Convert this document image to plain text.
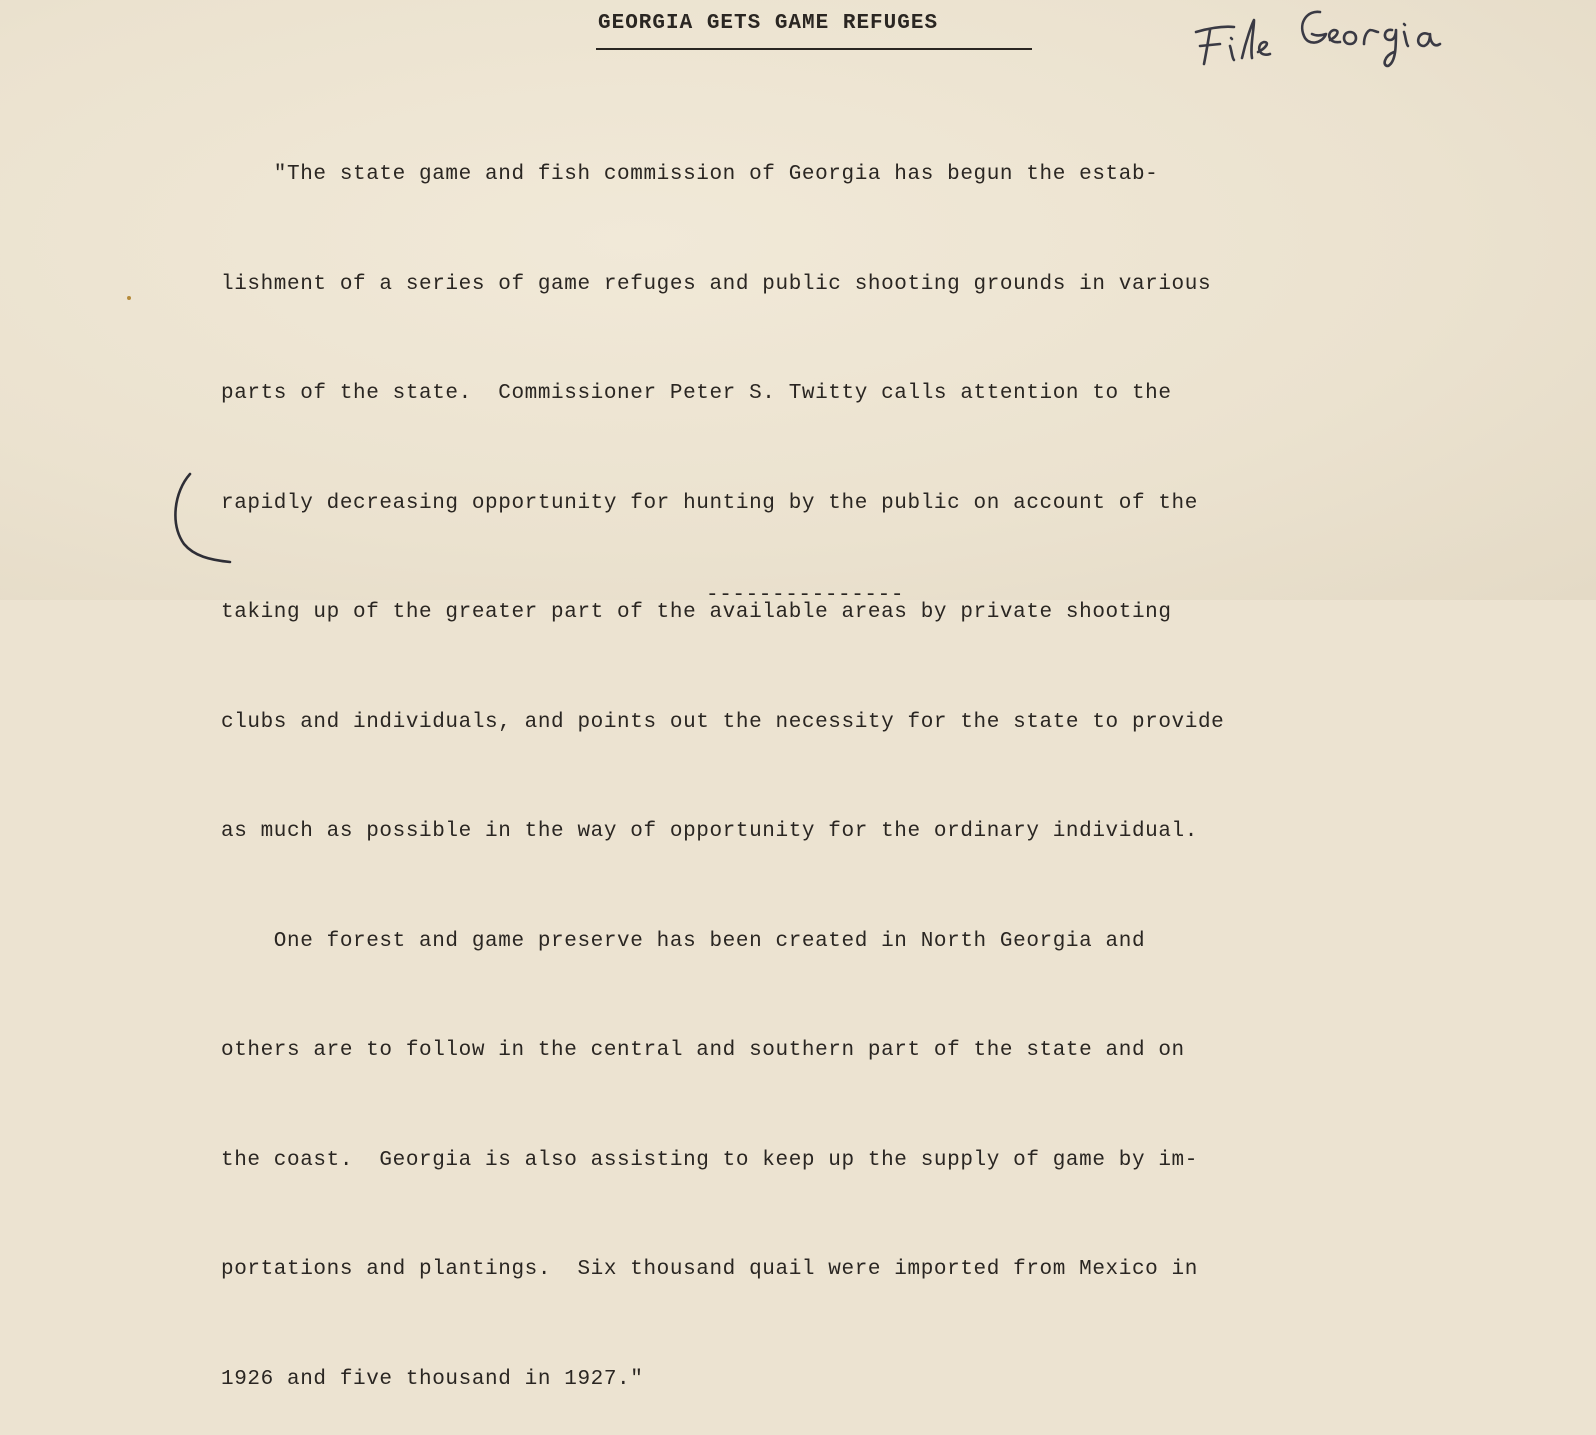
GEORGIA GETS GAME REFUGES

"The state game and fish commission of Georgia has begun the estab-

lishment of a series of game refuges and public shooting grounds in various

parts of the state.  Commissioner Peter S. Twitty calls attention to the

rapidly decreasing opportunity for hunting by the public on account of the

taking up of the greater part of the available areas by private shooting

clubs and individuals, and points out the necessity for the state to provide

as much as possible in the way of opportunity for the ordinary individual.

One forest and game preserve has been created in North Georgia and

others are to follow in the central and southern part of the state and on

the coast.  Georgia is also assisting to keep up the supply of game by im-

portations and plantings.  Six thousand quail were imported from Mexico in

1926 and five thousand in 1927."

---------------
